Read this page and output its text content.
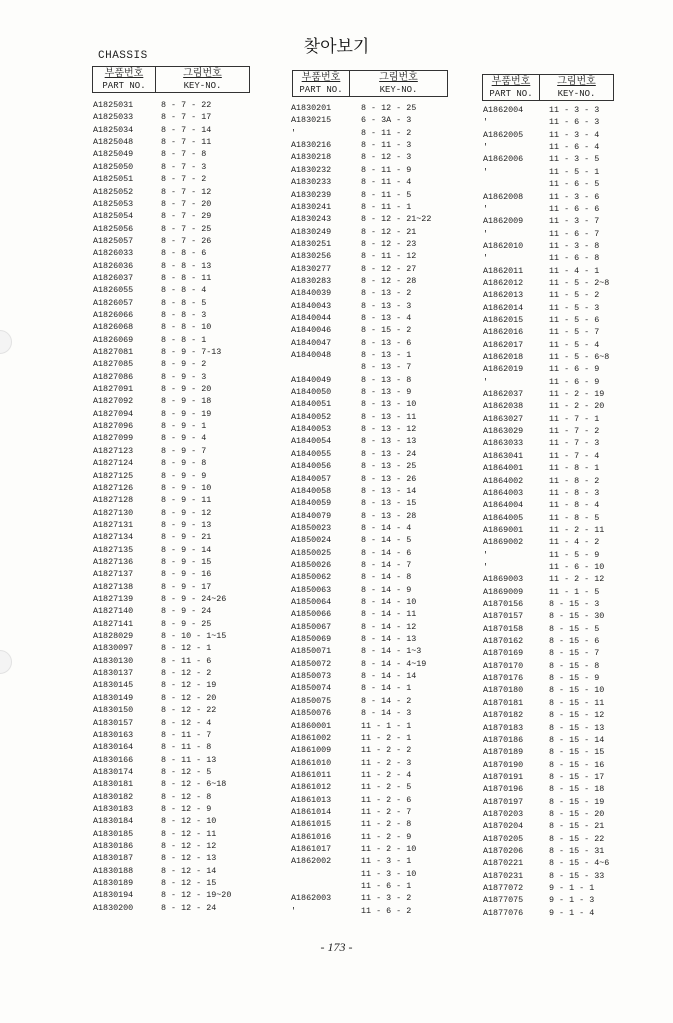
찾아보기
CHASSIS
부품번호
PART NO.
그림번호
KEY-NO.
부품번호
PART NO.
그림번호
KEY-NO.
부품번호
PART NO.
그림번호
KEY-NO.
A1825031	8 - 7 - 22
A1825033	8 - 7 - 17
A1825034	8 - 7 - 14
A1825048	8 - 7 - 11
A1825049	8 - 7 - 8
A1825050	8 - 7 - 3
A1825051	8 - 7 - 2
A1825052	8 - 7 - 12
A1825053	8 - 7 - 20
A1825054	8 - 7 - 29
A1825056	8 - 7 - 25
A1825057	8 - 7 - 26
A1826033	8 - 8 - 6
A1826036	8 - 8 - 13
A1826037	8 - 8 - 11
A1826055	8 - 8 - 4
A1826057	8 - 8 - 5
A1826066	8 - 8 - 3
A1826068	8 - 8 - 10
A1826069	8 - 8 - 1
A1827081	8 - 9 - 7-13
A1827085	8 - 9 - 2
A1827086	8 - 9 - 3
A1827091	8 - 9 - 20
A1827092	8 - 9 - 18
A1827094	8 - 9 - 19
A1827096	8 - 9 - 1
A1827099	8 - 9 - 4
A1827123	8 - 9 - 7
A1827124	8 - 9 - 8
A1827125	8 - 9 - 9
A1827126	8 - 9 - 10
A1827128	8 - 9 - 11
A1827130	8 - 9 - 12
A1827131	8 - 9 - 13
A1827134	8 - 9 - 21
A1827135	8 - 9 - 14
A1827136	8 - 9 - 15
A1827137	8 - 9 - 16
A1827138	8 - 9 - 17
A1827139	8 - 9 - 24~26
A1827140	8 - 9 - 24
A1827141	8 - 9 - 25
A1828029	8 - 10 - 1~15
A1830097	8 - 12 - 1
A1830130	8 - 11 - 6
A1830137	8 - 12 - 2
A1830145	8 - 12 - 19
A1830149	8 - 12 - 20
A1830150	8 - 12 - 22
A1830157	8 - 12 - 4
A1830163	8 - 11 - 7
A1830164	8 - 11 - 8
A1830166	8 - 11 - 13
A1830174	8 - 12 - 5
A1830181	8 - 12 - 6~18
A1830182	8 - 12 - 8
A1830183	8 - 12 - 9
A1830184	8 - 12 - 10
A1830185	8 - 12 - 11
A1830186	8 - 12 - 12
A1830187	8 - 12 - 13
A1830188	8 - 12 - 14
A1830189	8 - 12 - 15
A1830194	8 - 12 - 19~20
A1830200	8 - 12 - 24
A1830201	8 - 12 - 25
A1830215	6 - 3A - 3
'	8 - 11 - 2
A1830216	8 - 11 - 3
A1830218	8 - 12 - 3
A1830232	8 - 11 - 9
A1830233	8 - 11 - 4
A1830239	8 - 11 - 5
A1830241	8 - 11 - 1
A1830243	8 - 12 - 21~22
A1830249	8 - 12 - 21
A1830251	8 - 12 - 23
A1830256	8 - 11 - 12
A1830277	8 - 12 - 27
A1830283	8 - 12 - 28
A1840039	8 - 13 - 2
A1840043	8 - 13 - 3
A1840044	8 - 13 - 4
A1840046	8 - 15 - 2
A1840047	8 - 13 - 6
A1840048	8 - 13 - 1
8 - 13 - 7
A1840049	8 - 13 - 8
A1840050	8 - 13 - 9
A1840051	8 - 13 - 10
A1840052	8 - 13 - 11
A1840053	8 - 13 - 12
A1840054	8 - 13 - 13
A1840055	8 - 13 - 24
A1840056	8 - 13 - 25
A1840057	8 - 13 - 26
A1840058	8 - 13 - 14
A1840059	8 - 13 - 15
A1840079	8 - 13 - 28
A1850023	8 - 14 - 4
A1850024	8 - 14 - 5
A1850025	8 - 14 - 6
A1850026	8 - 14 - 7
A1850062	8 - 14 - 8
A1850063	8 - 14 - 9
A1850064	8 - 14 - 10
A1850066	8 - 14 - 11
A1850067	8 - 14 - 12
A1850069	8 - 14 - 13
A1850071	8 - 14 - 1~3
A1850072	8 - 14 - 4~19
A1850073	8 - 14 - 14
A1850074	8 - 14 - 1
A1850075	8 - 14 - 2
A1850076	8 - 14 - 3
A1860001	11 - 1 - 1
A1861002	11 - 2 - 1
A1861009	11 - 2 - 2
A1861010	11 - 2 - 3
A1861011	11 - 2 - 4
A1861012	11 - 2 - 5
A1861013	11 - 2 - 6
A1861014	11 - 2 - 7
A1861015	11 - 2 - 8
A1861016	11 - 2 - 9
A1861017	11 - 2 - 10
A1862002	11 - 3 - 1
11 - 3 - 10
11 - 6 - 1
A1862003	11 - 3 - 2
'	11 - 6 - 2
A1862004	11 - 3 - 3
'	11 - 6 - 3
A1862005	11 - 3 - 4
'	11 - 6 - 4
A1862006	11 - 3 - 5
'	11 - 5 - 1
11 - 6 - 5
A1862008	11 - 3 - 6
'	11 - 6 - 6
A1862009	11 - 3 - 7
'	11 - 6 - 7
A1862010	11 - 3 - 8
'	11 - 6 - 8
A1862011	11 - 4 - 1
A1862012	11 - 5 - 2~8
A1862013	11 - 5 - 2
A1862014	11 - 5 - 3
A1862015	11 - 5 - 6
A1862016	11 - 5 - 7
A1862017	11 - 5 - 4
A1862018	11 - 5 - 6~8
A1862019	11 - 6 - 9
'	11 - 6 - 9
A1862037	11 - 2 - 19
A1862038	11 - 2 - 20
A1863027	11 - 7 - 1
A1863029	11 - 7 - 2
A1863033	11 - 7 - 3
A1863041	11 - 7 - 4
A1864001	11 - 8 - 1
A1864002	11 - 8 - 2
A1864003	11 - 8 - 3
A1864004	11 - 8 - 4
A1864005	11 - 8 - 5
A1869001	11 - 2 - 11
A1869002	11 - 4 - 2
'	11 - 5 - 9
'	11 - 6 - 10
A1869003	11 - 2 - 12
A1869009	11 - 1 - 5
A1870156	8 - 15 - 3
A1870157	8 - 15 - 30
A1870158	8 - 15 - 5
A1870162	8 - 15 - 6
A1870169	8 - 15 - 7
A1870170	8 - 15 - 8
A1870176	8 - 15 - 9
A1870180	8 - 15 - 10
A1870181	8 - 15 - 11
A1870182	8 - 15 - 12
A1870183	8 - 15 - 13
A1870186	8 - 15 - 14
A1870189	8 - 15 - 15
A1870190	8 - 15 - 16
A1870191	8 - 15 - 17
A1870196	8 - 15 - 18
A1870197	8 - 15 - 19
A1870203	8 - 15 - 20
A1870204	8 - 15 - 21
A1870205	8 - 15 - 22
A1870206	8 - 15 - 31
A1870221	8 - 15 - 4~6
A1870231	8 - 15 - 33
A1877072	9 - 1 - 1
A1877075	9 - 1 - 3
A1877076	9 - 1 - 4
- 173 -
